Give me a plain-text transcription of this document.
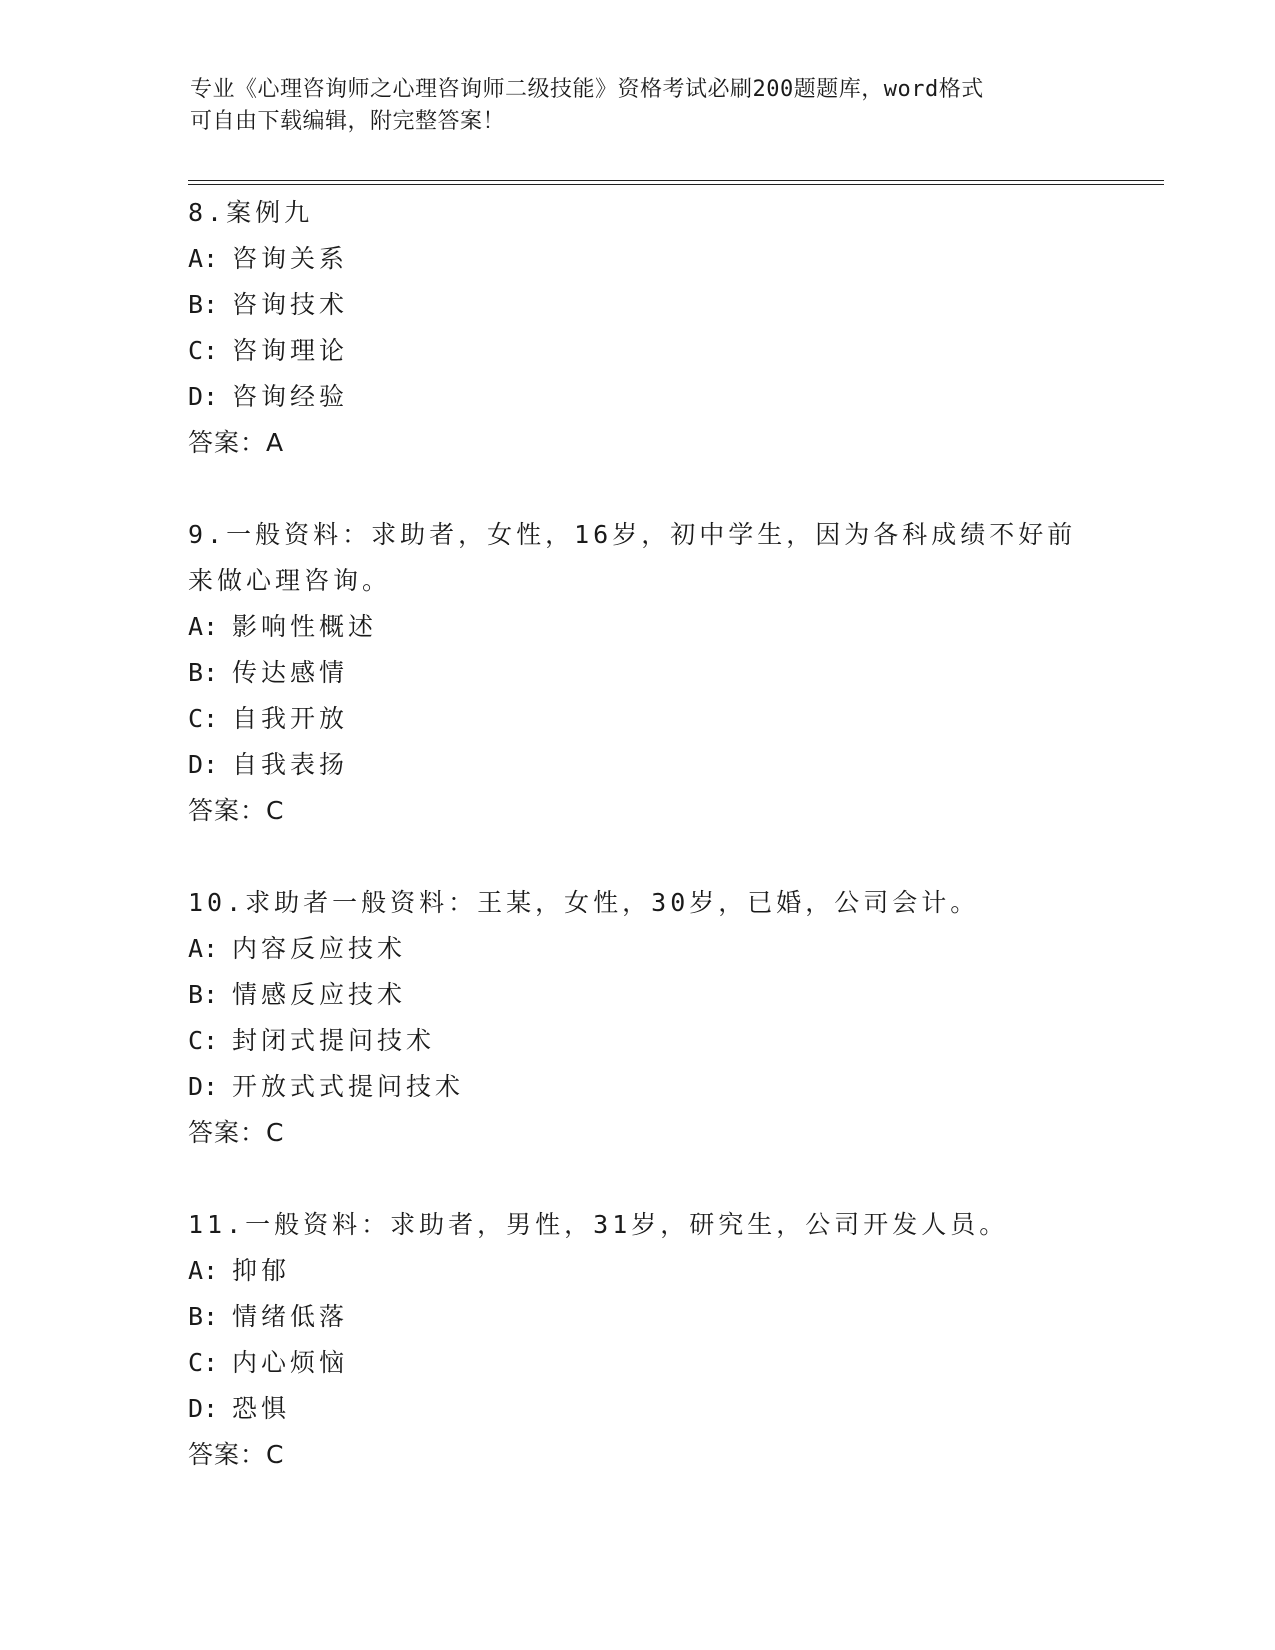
专业《心理咨询师之心理咨询师二级技能》资格考试必刷200题题库，word格式
可自由下载编辑，附完整答案！
8.案例九
A: 咨询关系
B: 咨询技术
C: 咨询理论
D: 咨询经验
答案：A
9.一般资料：求助者，女性，16岁，初中学生，因为各科成绩不好前来做心理咨询。
A: 影响性概述
B: 传达感情
C: 自我开放
D: 自我表扬
答案：C
10.求助者一般资料：王某，女性，30岁，已婚，公司会计。
A: 内容反应技术
B: 情感反应技术
C: 封闭式提问技术
D: 开放式式提问技术
答案：C
11.一般资料：求助者，男性，31岁，研究生，公司开发人员。
A: 抑郁
B: 情绪低落
C: 内心烦恼
D: 恐惧
答案：C
